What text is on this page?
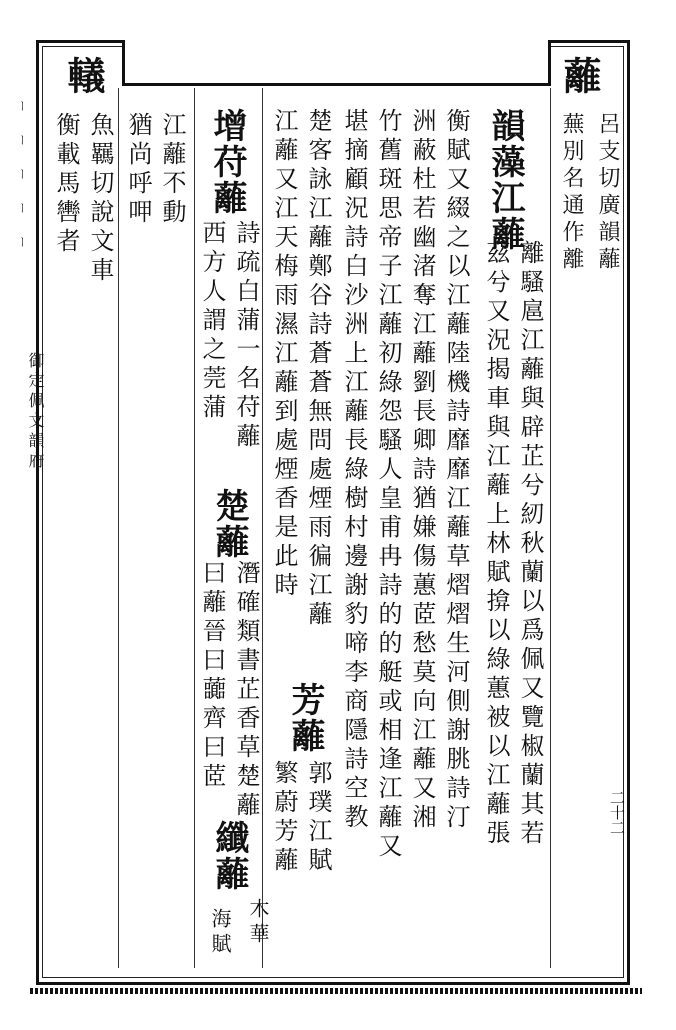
ーーーーー
御定佩文韻府
二十二
蘺
呂支切廣韻蘺
蕪別名通作離
韻藻江蘺
離騷扈江蘺與辟芷兮紉秋蘭以爲佩又覽椒蘭其若
茲兮又況揭車與江蘺上林賦揜以綠蕙被以江蘺張
衡賦又綴之以江蘺陸機詩靡靡江蘺草熠熠生河側謝朓詩汀
洲蔽杜若幽渚奪江蘺劉長卿詩猶嫌傷蕙茝愁莫向江蘺又湘
竹舊斑思帝子江蘺初綠怨騷人皇甫冉詩的的艇或相逢江蘺又
堪摘顧況詩白沙洲上江蘺長綠樹村邊謝豹啼李商隱詩空教
楚客詠江蘺鄭谷詩蒼蒼無問處煙雨徧江蘺
江蘺又江天梅雨濕江蘺到處煙香是此時
芳蘺
郭璞江賦
繁蔚芳蘺
增苻蘺
詩疏白蒲一名苻蘺
西方人謂之莞蒲
楚蘺
潛確類書芷香草楚蘺
曰蘺晉曰虈齊曰茝
纖蘺
木華
海賦
江蘺不動
猶尚呼呷
轙
魚羈切說文車
衡載馬轡者
